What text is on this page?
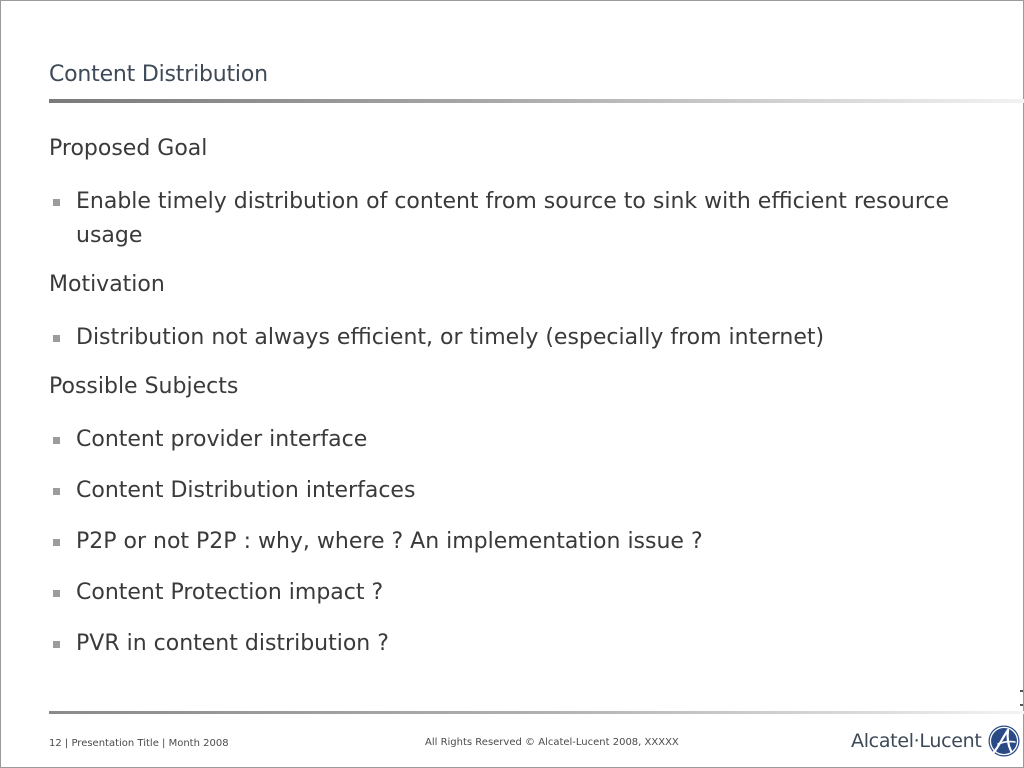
Content Distribution

Proposed Goal

Enable timely distribution of content from source to sink with efficient resource usage

Motivation

Distribution not always efficient, or timely (especially from internet)

Possible Subjects

Content provider interface

Content Distribution interfaces

P2P or not P2P : why, where ? An implementation issue ?

Content Protection impact ?

PVR in content distribution ?

12 | Presentation Title | Month 2008	All Rights Reserved © Alcatel-Lucent 2008, XXXXX	Alcatel·Lucent
